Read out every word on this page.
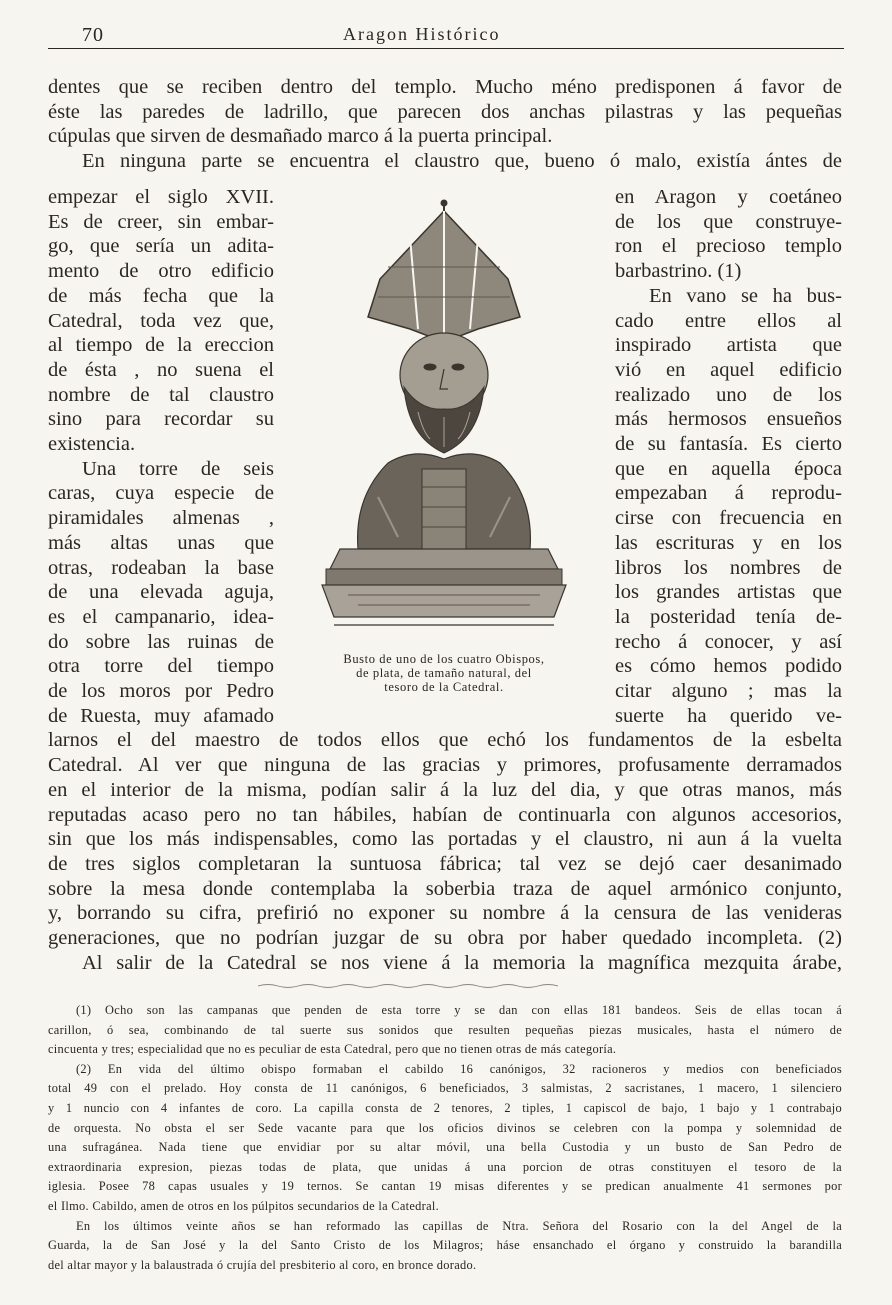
70	Aragon Histórico
dentes que se reciben dentro del templo. Mucho méno predisponen á favor de
éste las paredes de ladrillo, que parecen dos anchas pilastras y las pequeñas
cúpulas que sirven de desmañado marco á la puerta principal.
En ninguna parte se encuentra el claustro que, bueno ó malo, existía ántes de
empezar el siglo XVII.
Es de creer, sin embar-
go, que sería un adita-
mento de otro edificio
de más fecha que la
Catedral, toda vez que,
al tiempo de la ereccion
de ésta , no suena el
nombre de tal claustro
sino para recordar su
existencia.
Una torre de seis
caras, cuya especie de
piramidales almenas ,
más altas unas que
otras, rodeaban la base
de una elevada aguja,
es el campanario, idea-
do sobre las ruinas de
otra torre del tiempo
de los moros por Pedro
de Ruesta, muy afamado
en Aragon y coetáneo
de los que construye-
ron el precioso templo
barbastrino. (1)
En vano se ha bus-
cado entre ellos al
inspirado artista que
vió en aquel edificio
realizado uno de los
más hermosos ensueños
de su fantasía. Es cierto
que en aquella época
empezaban á reprodu-
cirse con frecuencia en
las escrituras y en los
libros los nombres de
los grandes artistas que
la posteridad tenía de-
recho á conocer, y así
es cómo hemos podido
citar alguno ; mas la
suerte ha querido ve-
larnos el del maestro de todos ellos que echó los fundamentos de la esbelta
Catedral. Al ver que ninguna de las gracias y primores, profusamente derramados
en el interior de la misma, podían salir á la luz del dia, y que otras manos, más
reputadas acaso pero no tan hábiles, habían de continuarla con algunos accesorios,
sin que los más indispensables, como las portadas y el claustro, ni aun á la vuelta
de tres siglos completaran la suntuosa fábrica; tal vez se dejó caer desanimado
sobre la mesa donde contemplaba la soberbia traza de aquel armónico conjunto,
y, borrando su cifra, prefirió no exponer su nombre á la censura de las venideras
generaciones, que no podrían juzgar de su obra por haber quedado incompleta. (2)
Al salir de la Catedral se nos viene á la memoria la magnífica mezquita árabe,
Busto de uno de los cuatro Obispos,
de plata, de tamaño natural, del
tesoro de la Catedral.
(1) Ocho son las campanas que penden de esta torre y se dan con ellas 181 bandeos. Seis de ellas tocan á
carillon, ó sea, combinando de tal suerte sus sonidos que resulten pequeñas piezas musicales, hasta el número de
cincuenta y tres; especialidad que no es peculiar de esta Catedral, pero que no tienen otras de más categoría.
(2) En vida del último obispo formaban el cabildo 16 canónigos, 32 racioneros y medios con beneficiados
total 49 con el prelado. Hoy consta de 11 canónigos, 6 beneficiados, 3 salmistas, 2 sacristanes, 1 macero, 1 silenciero
y 1 nuncio con 4 infantes de coro. La capilla consta de 2 tenores, 2 tiples, 1 capiscol de bajo, 1 bajo y 1 contrabajo
de orquesta. No obsta el ser Sede vacante para que los oficios divinos se celebren con la pompa y solemnidad de
una sufragánea. Nada tiene que envidiar por su altar móvil, una bella Custodia y un busto de San Pedro de
extraordinaria expresion, piezas todas de plata, que unidas á una porcion de otras constituyen el tesoro de la
iglesia. Posee 78 capas usuales y 19 ternos. Se cantan 19 misas diferentes y se predican anualmente 41 sermones por
el Ilmo. Cabildo, amen de otros en los púlpitos secundarios de la Catedral.
En los últimos veinte años se han reformado las capillas de Ntra. Señora del Rosario con la del Angel de la
Guarda, la de San José y la del Santo Cristo de los Milagros; háse ensanchado el órgano y construido la barandilla
del altar mayor y la balaustrada ó crujía del presbiterio al coro, en bronce dorado.
